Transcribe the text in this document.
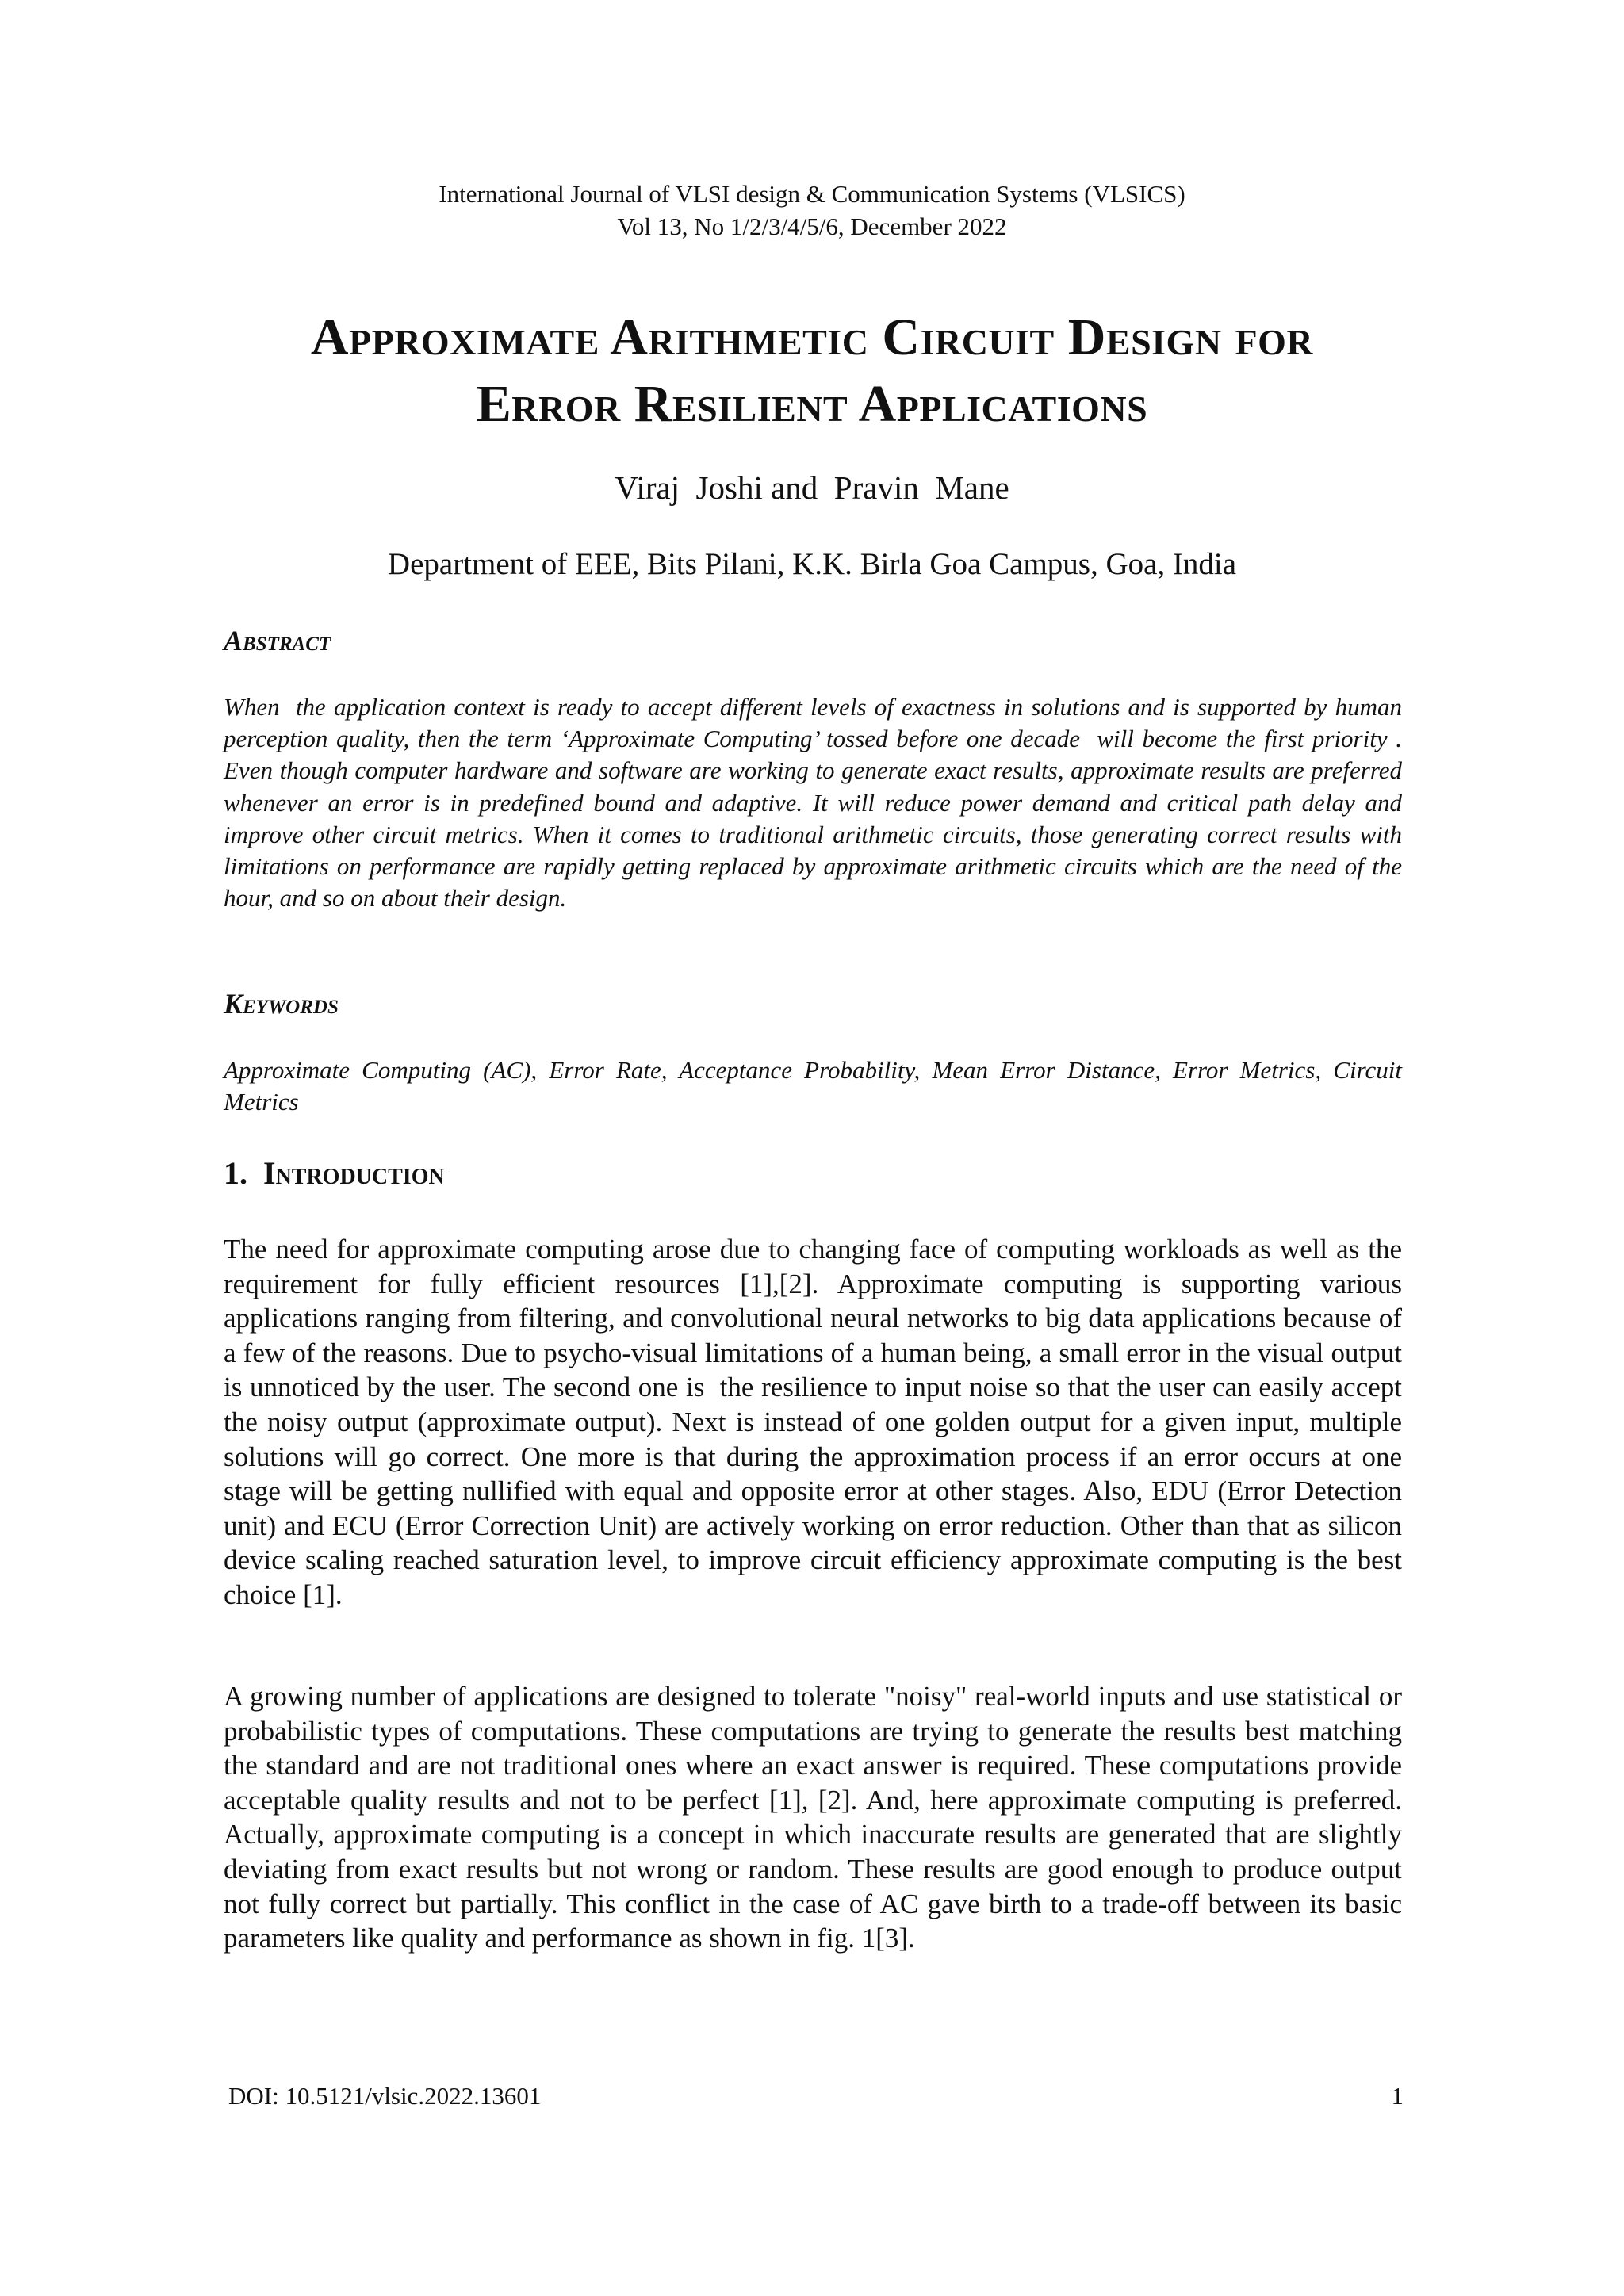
International Journal of VLSI design & Communication Systems (VLSICS)
Vol 13, No 1/2/3/4/5/6, December 2022
Approximate Arithmetic Circuit Design for
Error Resilient Applications
Viraj  Joshi and  Pravin  Mane
Department of EEE, Bits Pilani, K.K. Birla Goa Campus, Goa, India
Abstract

When  the application context is ready to accept different levels of exactness in solutions and is supported by human perception quality, then the term ‘Approximate Computing’ tossed before one decade  will become the first priority . Even though computer hardware and software are working to generate exact results, approximate results are preferred whenever an error is in predefined bound and adaptive. It will reduce power demand and critical path delay and improve other circuit metrics. When it comes to traditional arithmetic circuits, those generating correct results with limitations on performance are rapidly getting replaced by approximate arithmetic circuits which are the need of the hour, and so on about their design.

Keywords

Approximate Computing (AC), Error Rate, Acceptance Probability, Mean Error Distance, Error Metrics, Circuit Metrics

1.  Introduction

The need for approximate computing arose due to changing face of computing workloads as well as the requirement for fully efficient resources [1],[2]. Approximate computing is supporting various applications ranging from filtering, and convolutional neural networks to big data applications because of a few of the reasons. Due to psycho-visual limitations of a human being, a small error in the visual output is unnoticed by the user. The second one is  the resilience to input noise so that the user can easily accept the noisy output (approximate output). Next is instead of one golden output for a given input, multiple solutions will go correct. One more is that during the approximation process if an error occurs at one stage will be getting nullified with equal and opposite error at other stages. Also, EDU (Error Detection unit) and ECU (Error Correction Unit) are actively working on error reduction. Other than that as silicon device scaling reached saturation level, to improve circuit efficiency approximate computing is the best choice [1].

A growing number of applications are designed to tolerate "noisy" real-world inputs and use statistical or probabilistic types of computations. These computations are trying to generate the results best matching the standard and are not traditional ones where an exact answer is required. These computations provide acceptable quality results and not to be perfect [1], [2]. And, here approximate computing is preferred. Actually, approximate computing is a concept in which inaccurate results are generated that are slightly deviating from exact results but not wrong or random. These results are good enough to produce output not fully correct but partially. This conflict in the case of AC gave birth to a trade-off between its basic parameters like quality and performance as shown in fig. 1[3].

DOI: 10.5121/vlsic.2022.13601	1
